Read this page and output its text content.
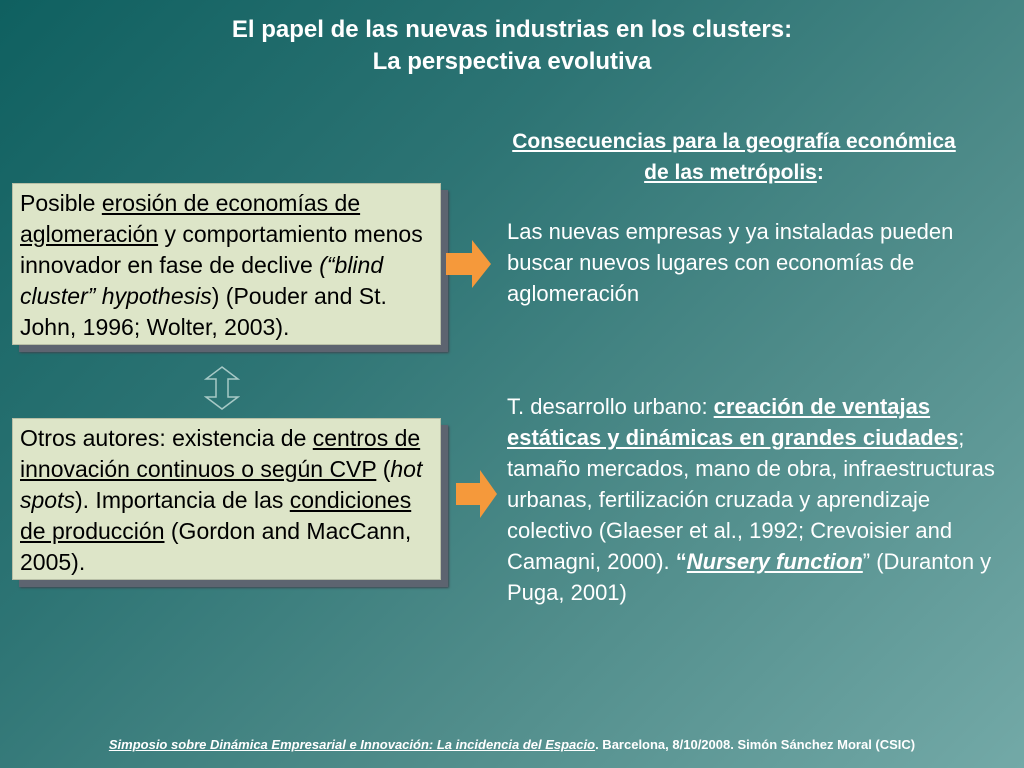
El papel de las nuevas industrias en los clusters:
La perspectiva evolutiva
Posible erosión de economías de aglomeración y comportamiento menos innovador en fase de declive (“blind cluster” hypothesis) (Pouder and St. John, 1996; Wolter, 2003).
Otros autores: existencia de centros de innovación continuos o según CVP (hot spots). Importancia de las condiciones de producción (Gordon and MacCann, 2005).
Consecuencias para la geografía económica de las metrópolis:
Las nuevas empresas y ya instaladas pueden buscar nuevos lugares con economías de aglomeración
T. desarrollo urbano: creación de ventajas estáticas y dinámicas en grandes ciudades; tamaño mercados, mano de obra, infraestructuras urbanas, fertilización cruzada y aprendizaje colectivo (Glaeser et al., 1992; Crevoisier and Camagni, 2000). “Nursery function” (Duranton y Puga, 2001)
Simposio sobre Dinámica Empresarial e Innovación: La incidencia del Espacio. Barcelona, 8/10/2008. Simón Sánchez Moral (CSIC)
